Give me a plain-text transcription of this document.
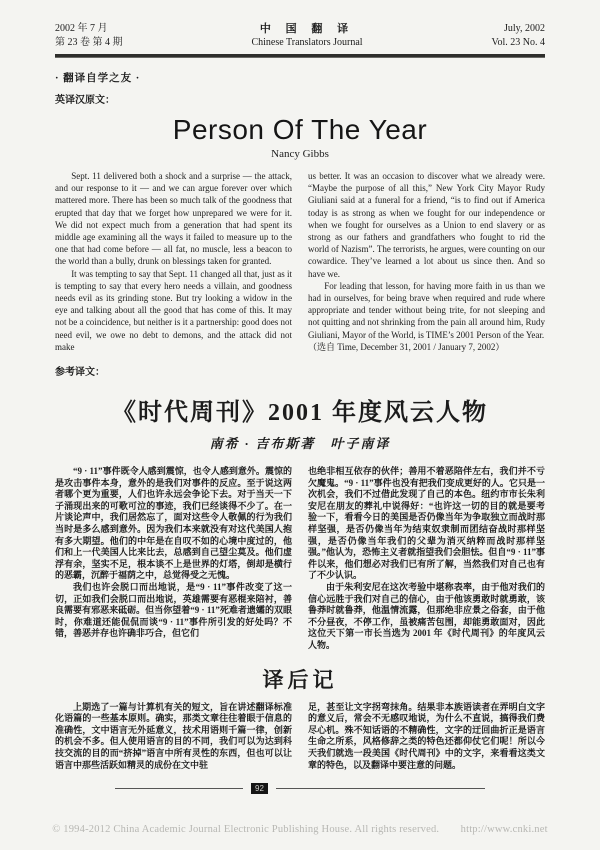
2002 年 7 月
第 23 卷 第 4 期
中 国 翻 译
Chinese Translators Journal
July, 2002
Vol. 23 No. 4
· 翻译自学之友 ·
英译汉原文：
Person Of The Year
Nancy Gibbs

Sept. 11 delivered both a shock and a surprise — the attack, and our response to it — and we can argue forever over which mattered more. There has been so much talk of the goodness that erupted that day that we forget how unprepared we were for it. We did not expect much from a generation that had spent its middle age examining all the ways it failed to measure up to the one that had come before — all fat, no muscle, less a beacon to the world than a bully, drunk on blessings taken for granted.

It was tempting to say that Sept. 11 changed all that, just as it is tempting to say that every hero needs a villain, and goodness needs evil as its grinding stone. But try looking a widow in the eye and talking about all the good that has come of this. It may not be a coincidence, but neither is it a partnership: good does not need evil, we owe no debt to demons, and the attack did not make

us better. It was an occasion to discover what we already were. “Maybe the purpose of all this,” New York City Mayor Rudy Giuliani said at a funeral for a friend, “is to find out if America today is as strong as when we fought for our independence or when we fought for ourselves as a Union to end slavery or as strong as our fathers and grandfathers who fought to rid the world of Nazism”. The terrorists, he argues, were counting on our cowardice. They’ve learned a lot about us since then. And so have we.

For leading that lesson, for having more faith in us than we had in ourselves, for being brave when required and rude where appropriate and tender without being trite, for not sleeping and not quitting and not shrinking from the pain all around him, Rudy Giuliani, Mayor of the World, is TIME’s 2001 Person of the Year.

（选自 Time, December 31, 2001 / January 7, 2002）

参考译文：
《时代周刊》2001 年度风云人物
南希 · 吉布斯著　叶子南译

“9 · 11”事件既令人感到震惊，也令人感到意外。震惊的是攻击事件本身，意外的是我们对事件的反应。至于说这两者哪个更为重要，人们也许永远会争论下去。对于当天一下子涌现出来的可歌可泣的事迹，我们已经谈得不少了。在一片谈论声中，我们居然忘了，面对这些令人敬佩的行为我们当时是多么感到意外。因为我们本来就没有对这代美国人抱有多大期望。他们的中年是在自叹不如的心境中度过的，他们和上一代美国人比来比去，总感到自己望尘莫及。他们虚浮有余，坚实不足，根本谈不上是世界的灯塔，倒却是横行的恶霸，沉醉于福荫之中，总觉得受之无愧。

我们也许会脱口而出地说，是“9 · 11”事件改变了这一切，正如我们会脱口而出地说，英雄需要有恶棍来陪衬，善良需要有邪恶来砥砺。但当你望着“9 · 11”死难者遗孀的双眼时，你难道还能侃侃而谈“9 · 11”事件所引发的好处吗？不错，善恶并存也许确非巧合，但它们

也绝非相互依存的伙伴；善用不着恶陪伴左右，我们并不亏欠魔鬼。“9 · 11”事件也没有把我们变成更好的人。它只是一次机会，我们不过借此发现了自己的本色。纽约市市长朱利安尼在朋友的葬礼中说得好：“也许这一切的目的就是要考验一下，看看今日的美国是否仍像当年为争取独立而战时那样坚强，是否仍像当年为结束奴隶制而团结奋战时那样坚强，是否仍像当年我们的父辈为消灭纳粹而战时那样坚强。”他认为，恐怖主义者就指望我们会胆怯。但自“9 · 11”事件以来，他们想必对我们已有所了解，当然我们对自己也有了不少认识。

由于朱利安尼在这次考验中堪称表率，由于他对我们的信心远胜于我们对自己的信心，由于他该勇敢时就勇敢，该鲁莽时就鲁莽，他温情流露，但那绝非应景之俗套，由于他不分昼夜，不停工作，虽被痛苦包围，却能勇敢面对，因此这位天下第一市长当选为 2001 年《时代周刊》的年度风云人物。

译后记

上期选了一篇与计算机有关的短文，旨在讲述翻译标准化语篇的一些基本原则。确实，那类文章往往着眼于信息的准确性，文中语言无外延意义，技术用语则千篇一律，创新的机会不多。但人使用语言的目的不同，我们可以为达到科技交流的目的而“挤掉”语言中所有灵性的东西，但也可以让语言中那些活跃如精灵的成份在文中驻

足，甚至让文字拐弯抹角。结果非本族语读者在弄明白文字的意义后，常会不无感叹地说，为什么不直说，搞得我们费尽心机。殊不知话语的不精确性，文字的迂回曲折正是语言生命之所系，风格修辞之类的特色还都仰仗它们呢！所以今天我们就选一段美国《时代周刊》中的文字，来看看这类文章的特色，以及翻译中要注意的问题。

92
© 1994-2012 China Academic Journal Electronic Publishing House. All rights reserved.　　http://www.cnki.net
